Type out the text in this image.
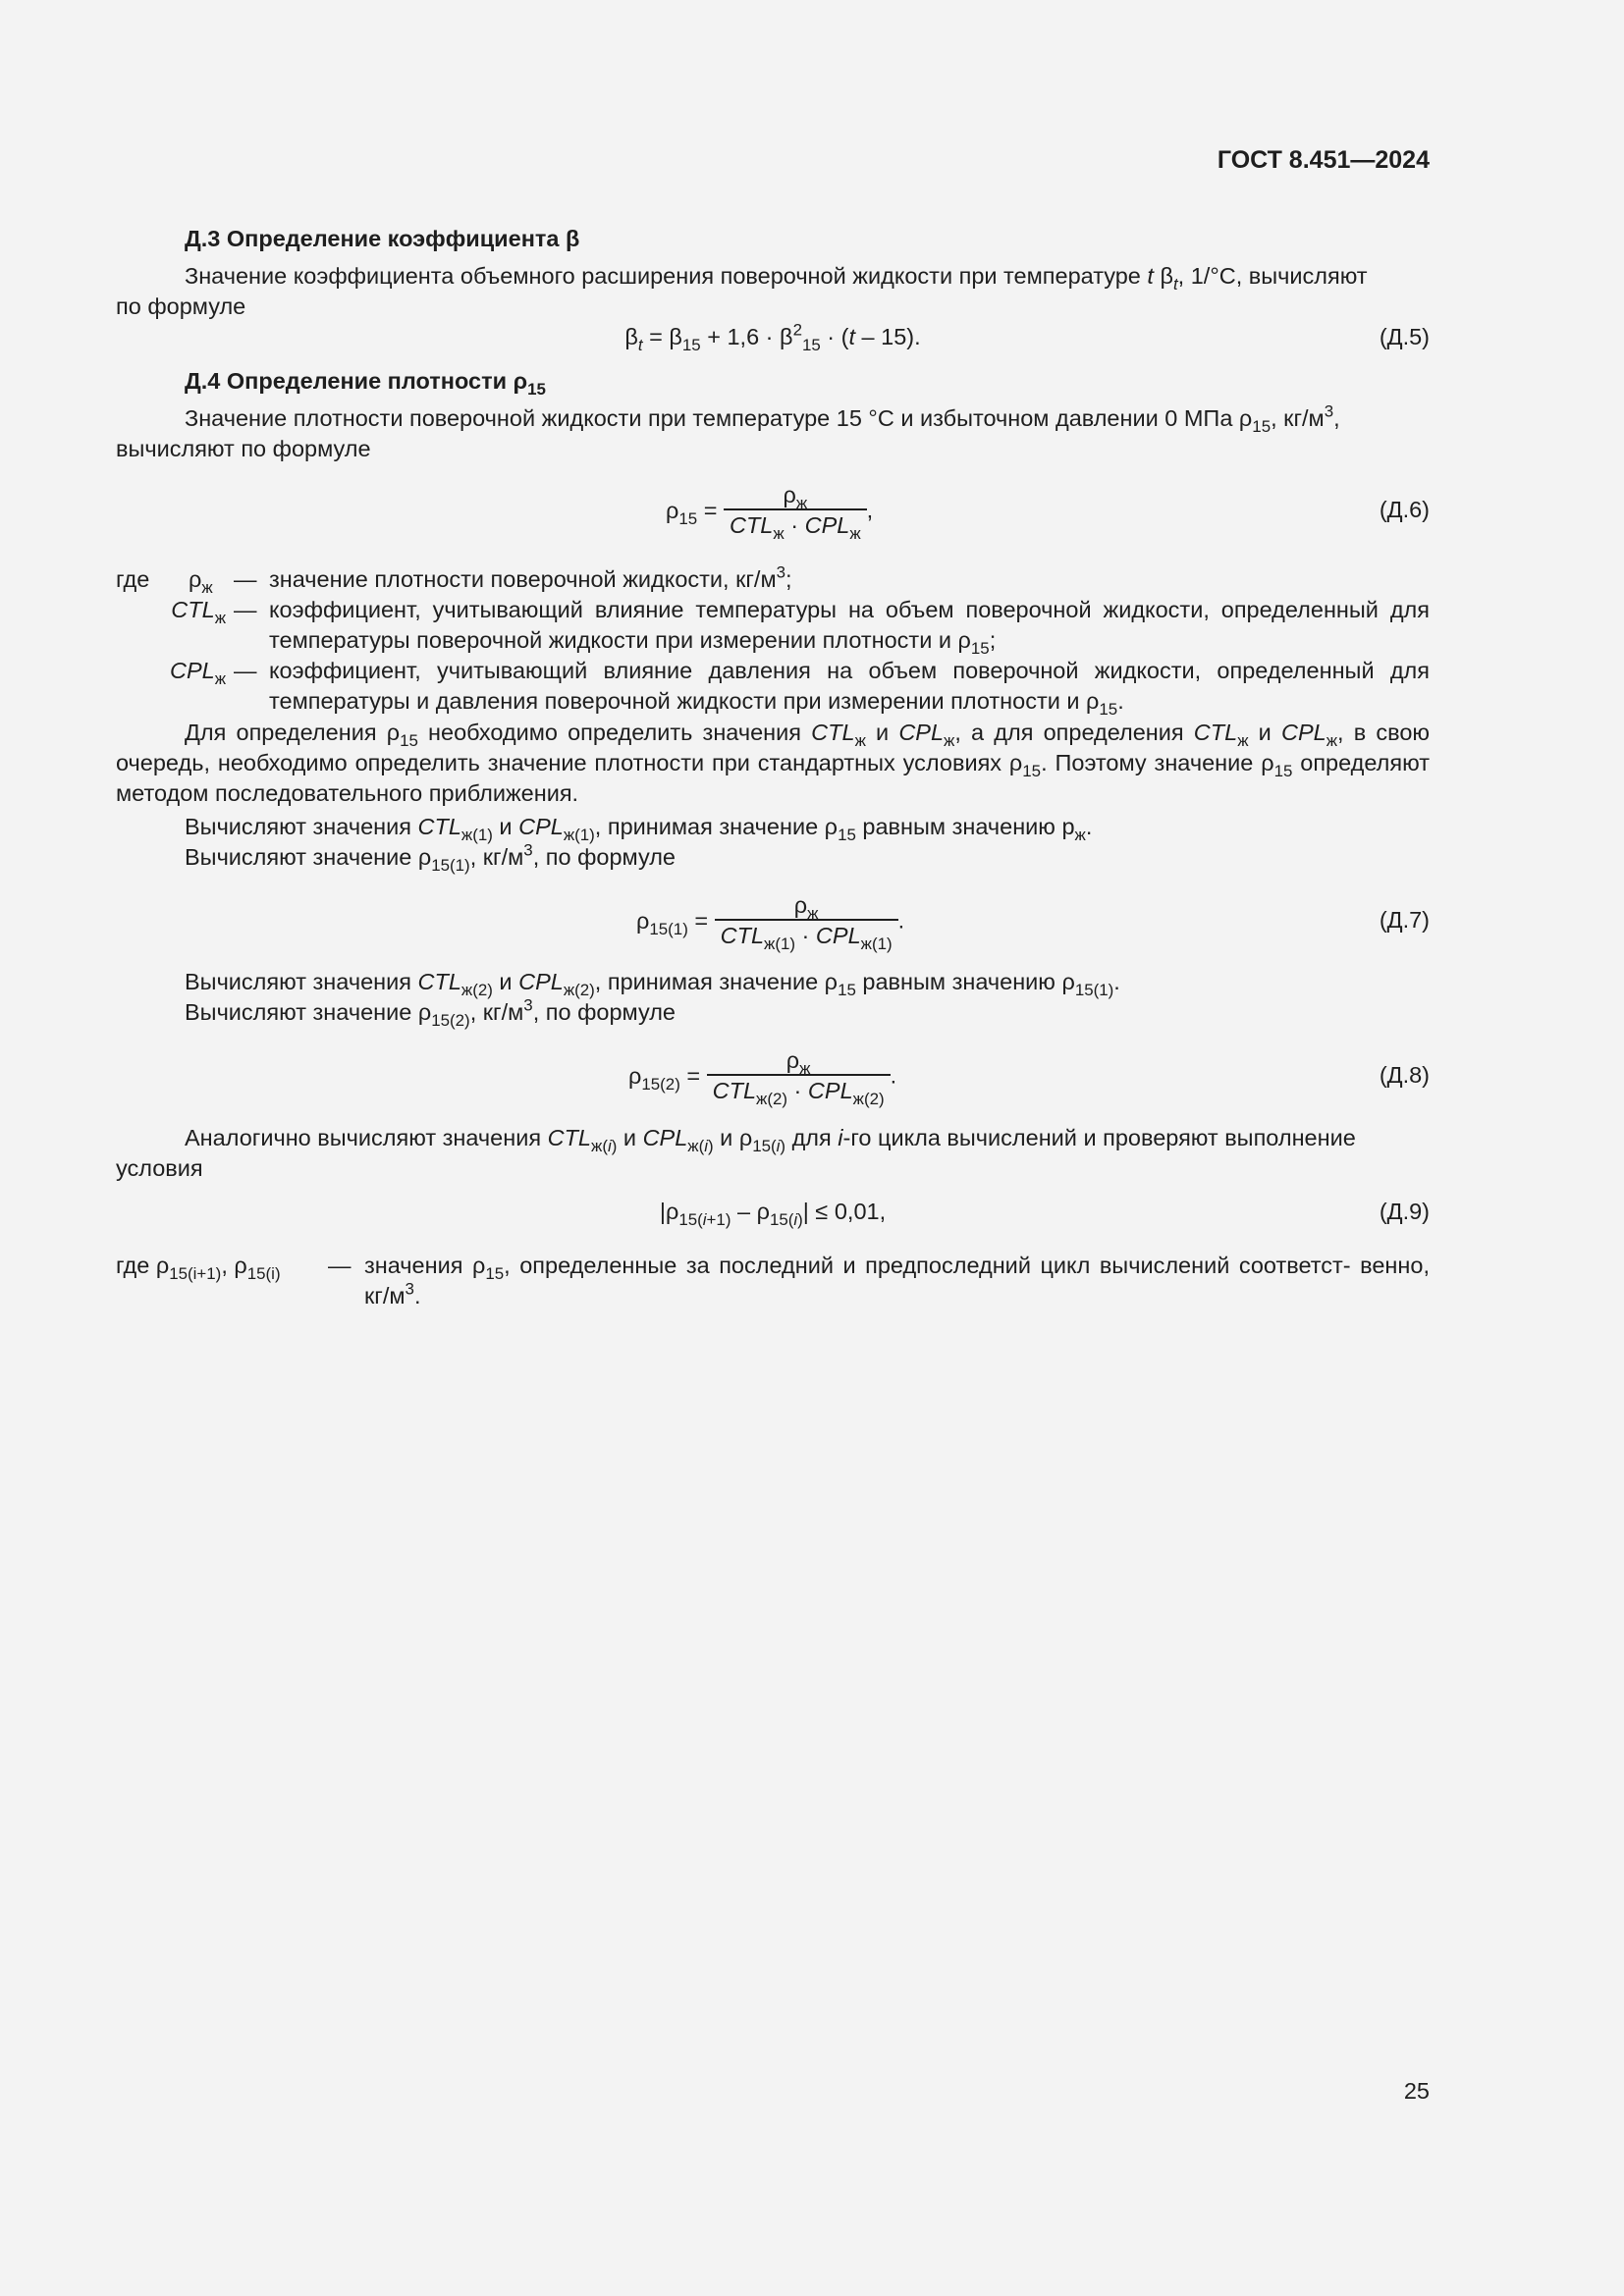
ГОСТ 8.451—2024
Д.3 Определение коэффициента β
Значение коэффициента объемного расширения поверочной жидкости при температуре t $\beta_t$, 1/°С, вычисляют
по формуле
$\beta_t = \beta_{15} + 1,6 \cdot \beta^2_{15} \cdot (t - 15)$.	(Д.5)
Д.4 Определение плотности $\rho_{15}$
Значение плотности поверочной жидкости при температуре 15 °С и избыточном давлении 0 МПа $\rho_{15}$, $кг/м^3$,
вычисляют по формуле
$\rho_{15} = \frac{\rho_ж}{CTL_ж \cdot CPL_ж}$ ,	(Д.6)
где $\rho_ж$ — значение плотности поверочной жидкости, $кг/м^3$;
$CTL_ж$ — коэффициент, учитывающий влияние температуры на объем поверочной жидкости, определенный для температуры поверочной жидкости при измерении плотности и $\rho_{15}$;
$CPL_ж$ — коэффициент, учитывающий влияние давления на объем поверочной жидкости, определенный для температуры и давления поверочной жидкости при измерении плотности и $\rho_{15}$.

Для определения $\rho_{15}$ необходимо определить значения $CTL_ж$ и $CPL_ж$, а для определения $CTL_ж$ и $CPL_ж$, в свою очередь, необходимо определить значение плотности при стандартных условиях $\rho_{15}$. Поэтому значение $\rho_{15}$ определяют методом последовательного приближения.

Вычисляют значения $CTL_{ж(1)}$ и $CPL_{ж(1)}$, принимая значение $\rho_{15}$ равным значению $р_ж$.
Вычисляют значение $\rho_{15(1)}$, $кг/м^3$, по формуле
$\rho_{15(1)} = \frac{\rho_ж}{CTL_{ж(1)} \cdot CPL_{ж(1)}}$ .	(Д.7)
Вычисляют значения $CTL_{ж(2)}$ и $CPL_{ж(2)}$, принимая значение $\rho_{15}$ равным значению $\rho_{15(1)}$.
Вычисляют значение $\rho_{15(2)}$, $кг/м^3$, по формуле
$\rho_{15(2)} = \frac{\rho_ж}{CTL_{ж(2)} \cdot CPL_{ж(2)}}$ .	(Д.8)
Аналогично вычисляют значения $CTL_{ж(i)}$ и $CPL_{ж(i)}$ и $\rho_{15(i)}$ для i-го цикла вычислений и проверяют выполнение
условия
$|\rho_{15(i+1)} - \rho_{15(i)}| \le 0,01$,	(Д.9)
где $\rho_{15(i+1)}$, $\rho_{15(i)}$ — значения $\rho_{15}$, определенные за последний и предпоследний цикл вычислений соответст- венно, $кг/м^3$.
25
